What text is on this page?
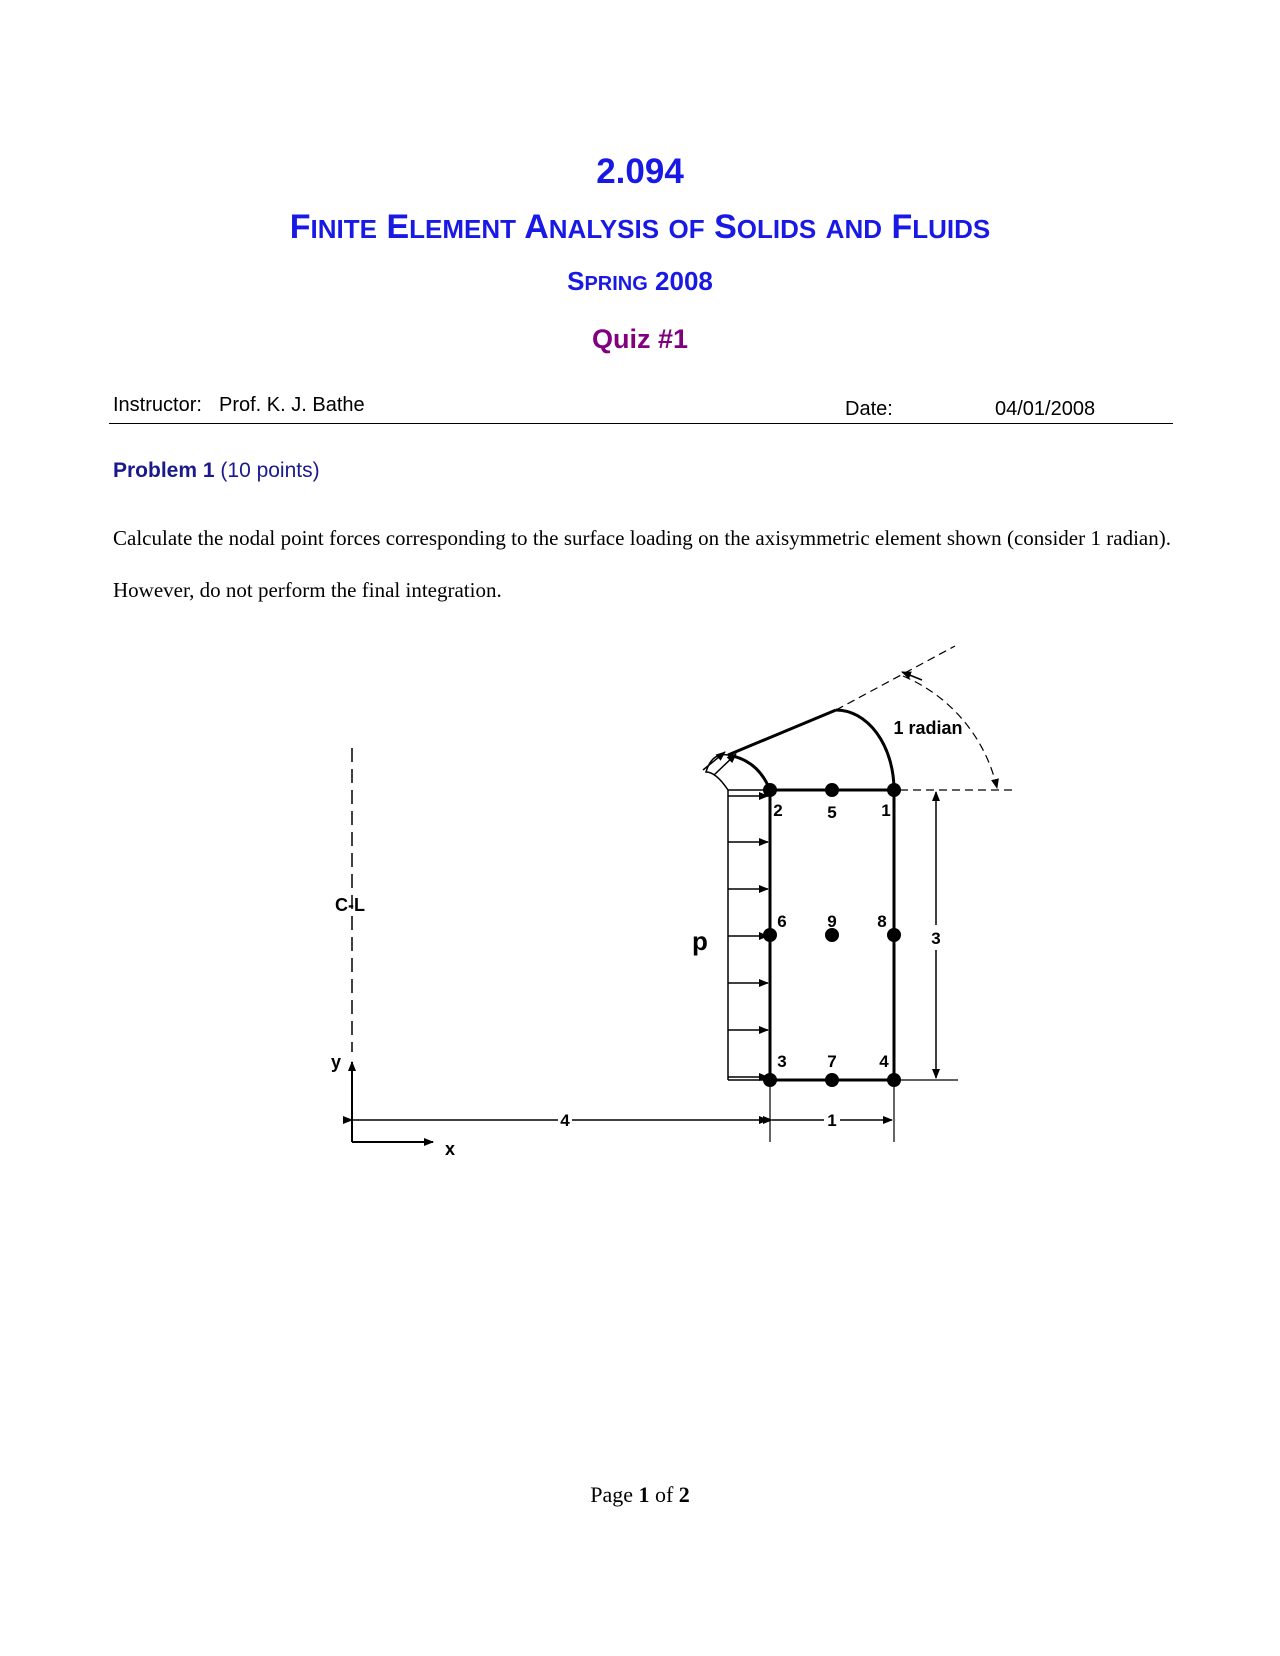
2.094
FINITE ELEMENT ANALYSIS OF SOLIDS AND FLUIDS
SPRING 2008
Quiz #1
Instructor: Prof. K. J. Bathe	Date:	04/01/2008
Problem 1 (10 points)
Calculate the nodal point forces corresponding to the surface loading on the axisymmetric element shown (consider 1 radian). However, do not perform the final integration.
C-L
y
x
4	1
3
1 radian
p
1
2
3	4
5
6
7
8
9
Page 1 of 2
